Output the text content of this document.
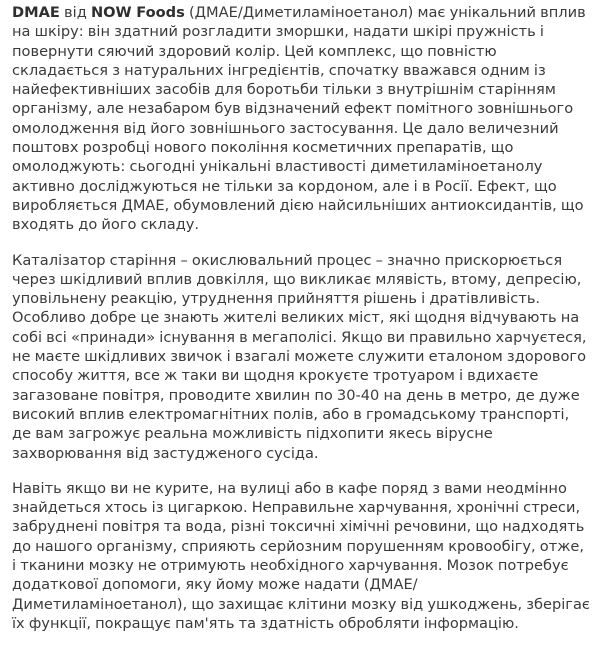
DMAE від NOW Foods (ДМАЕ/Диметиламіноетанол) має унікальний вплив на шкіру: він здатний розгладити зморшки, надати шкірі пружність і повернути сяючий здоровий колір. Цей комплекс, що повністю складається з натуральних інгредієнтів, спочатку вважався одним із найефективніших засобів для боротьби тільки з внутрішнім старінням організму, але незабаром був відзначений ефект помітного зовнішнього омолодження від його зовнішнього застосування. Це дало величезний поштовх розробці нового покоління косметичних препаратів, що омолоджують: сьогодні унікальні властивості диметиламіноетанолу активно досліджуються не тільки за кордоном, але і в Росії. Ефект, що виробляється ДМАЕ, обумовлений дією найсильніших антиоксидантів, що входять до його складу.

Каталізатор старіння – окислювальний процес – значно прискорюється через шкідливий вплив довкілля, що викликає млявість, втому, депресію, уповільнену реакцію, утруднення прийняття рішень і дратівливість. Особливо добре це знають жителі великих міст, які щодня відчувають на собі всі «принади» існування в мегаполісі. Якщо ви правильно харчуєтеся, не маєте шкідливих звичок і взагалі можете служити еталоном здорового способу життя, все ж таки ви щодня крокуєте тротуаром і вдихаєте загазоване повітря, проводите хвилин по 30-40 на день в метро, де дуже високий вплив електромагнітних полів, або в громадському транспорті, де вам загрожує реальна можливість підхопити якесь вірусне захворювання від застудженого сусіда.

Навіть якщо ви не курите, на вулиці або в кафе поряд з вами неодмінно знайдеться хтось із цигаркою. Неправильне харчування, хронічні стреси, забруднені повітря та вода, різні токсичні хімічні речовини, що надходять до нашого організму, сприяють серйозним порушенням кровообігу, отже, і тканини мозку не отримують необхідного харчування. Мозок потребує додаткової допомоги, яку йому може надати (ДМАЕ/Диметиламіноетанол), що захищає клітини мозку від ушкоджень, зберігає їх функції, покращує пам'ять та здатність обробляти інформацію.
